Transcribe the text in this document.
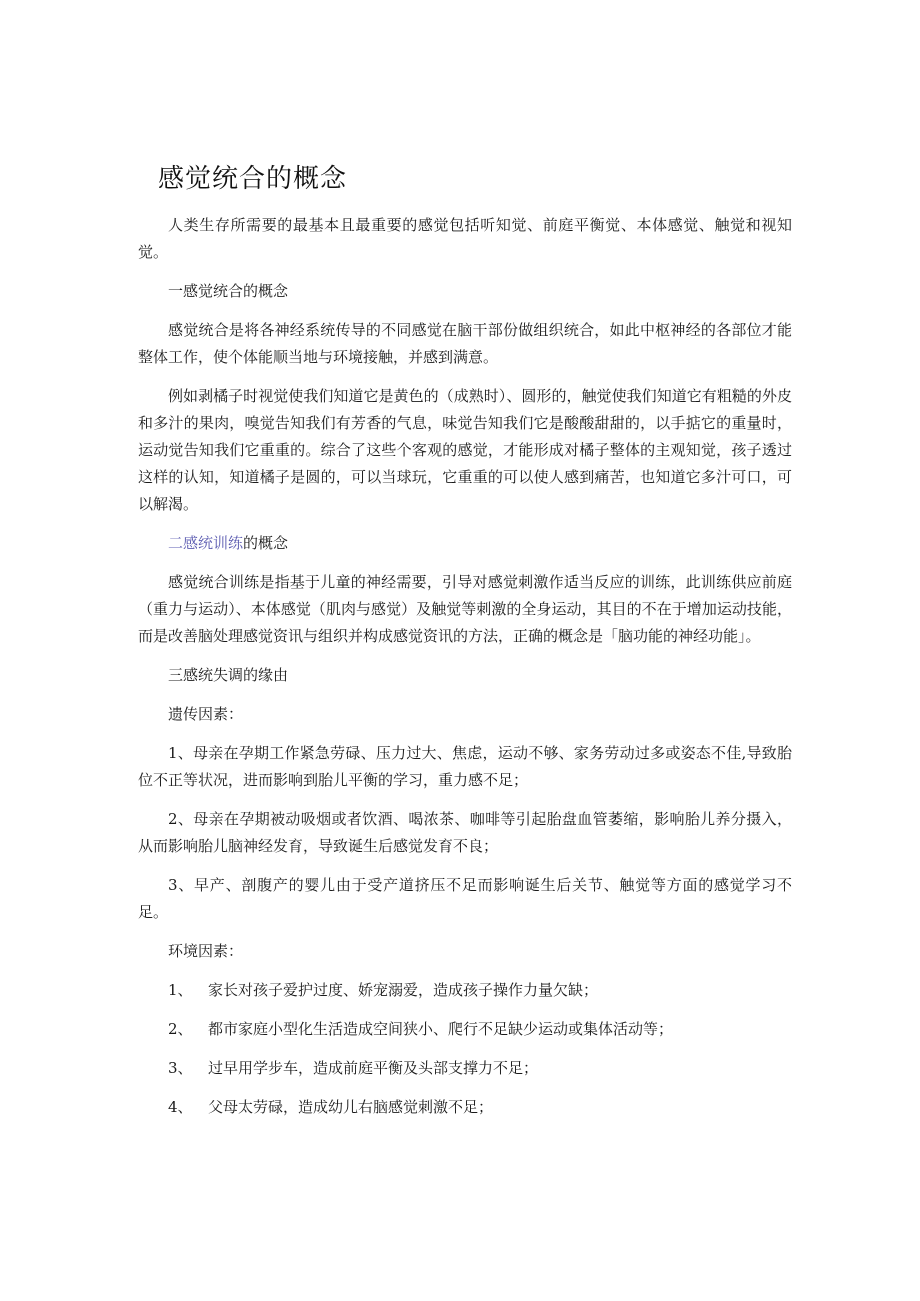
感觉统合的概念

人类生存所需要的最基本且最重要的感觉包括听知觉、前庭平衡觉、本体感觉、触觉和视知觉。

一感觉统合的概念

感觉统合是将各神经系统传导的不同感觉在脑干部份做组织统合，如此中枢神经的各部位才能整体工作，使个体能顺当地与环境接触，并感到满意。

例如剥橘子时视觉使我们知道它是黄色的（成熟时）、圆形的，触觉使我们知道它有粗糙的外皮和多汁的果肉，嗅觉告知我们有芳香的气息，味觉告知我们它是酸酸甜甜的，以手掂它的重量时，运动觉告知我们它重重的。综合了这些个客观的感觉，才能形成对橘子整体的主观知觉，孩子透过这样的认知，知道橘子是圆的，可以当球玩，它重重的可以使人感到痛苦，也知道它多汁可口，可以解渴。

二感统训练的概念

感觉统合训练是指基于儿童的神经需要，引导对感觉刺激作适当反应的训练，此训练供应前庭（重力与运动）、本体感觉（肌肉与感觉）及触觉等刺激的全身运动，其目的不在于增加运动技能，而是改善脑处理感觉资讯与组织并构成感觉资讯的方法，正确的概念是「脑功能的神经功能」。

三感统失调的缘由

遗传因素：

1、母亲在孕期工作紧急劳碌、压力过大、焦虑，运动不够、家务劳动过多或姿态不佳,导致胎位不正等状况，进而影响到胎儿平衡的学习，重力感不足；

2、母亲在孕期被动吸烟或者饮酒、喝浓茶、咖啡等引起胎盘血管萎缩，影响胎儿养分摄入，从而影响胎儿脑神经发育，导致诞生后感觉发育不良；

3、早产、剖腹产的婴儿由于受产道挤压不足而影响诞生后关节、触觉等方面的感觉学习不足。

环境因素：

1、	家长对孩子爱护过度、娇宠溺爱，造成孩子操作力量欠缺；
2、	都市家庭小型化生活造成空间狭小、爬行不足缺少运动或集体活动等；
3、	过早用学步车，造成前庭平衡及头部支撑力不足；
4、	父母太劳碌，造成幼儿右脑感觉刺激不足；
